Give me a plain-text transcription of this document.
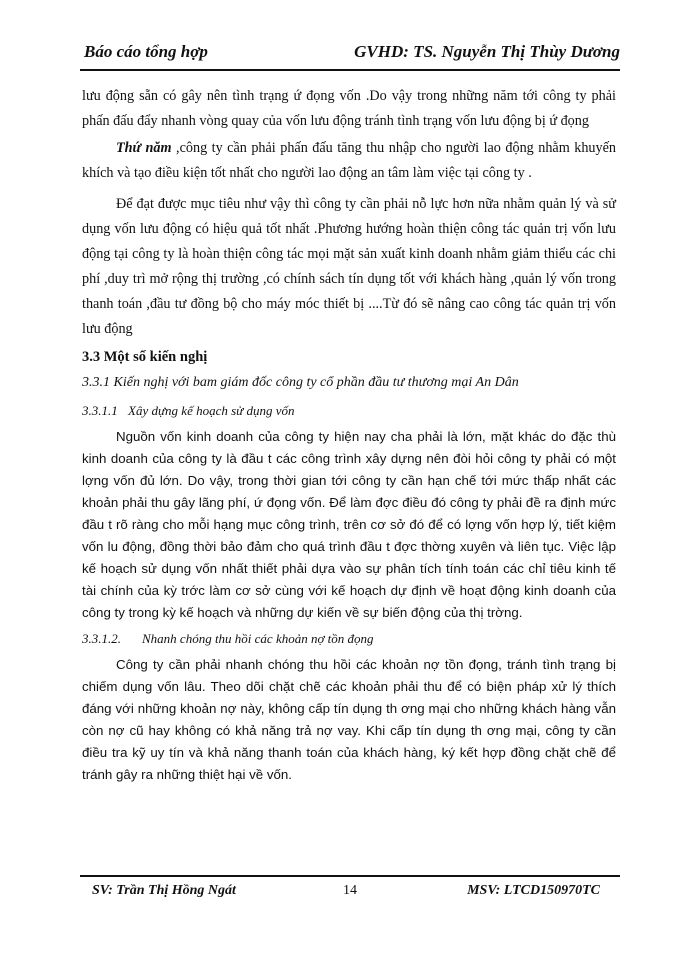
Báo cáo tổng hợp	GVHD: TS. Nguyễn Thị Thùy Dương

lưu động sẵn có gây nên tình trạng ứ đọng vốn .Do vậy trong những năm tới công ty phải phấn đấu đẩy nhanh vòng quay của vốn lưu động tránh tình trạng vốn lưu động bị ứ đọng

Thứ năm ,công ty cần phải phấn đấu tăng thu nhập cho người lao động nhằm khuyến khích và tạo điều kiện tốt nhất cho người lao động an tâm làm việc tại công ty .

Để đạt được mục tiêu như vậy thì công ty cần phải nỗ lực hơn nữa nhằm quản lý và sử dụng vốn lưu động có hiệu quả tốt nhất .Phương hướng hoàn thiện công tác quản trị vốn lưu động tại công ty là hoàn thiện công tác mọi mặt sản xuất kinh doanh nhằm giảm thiểu các chi phí ,duy trì mở rộng thị trường ,có chính sách tín dụng tốt với khách hàng ,quản lý vốn trong thanh toán ,đầu tư đồng bộ cho máy móc thiết bị ....Từ đó sẽ nâng cao công tác quản trị vốn lưu động

3.3 Một số kiến nghị
3.3.1 Kiến nghị với bam giám đốc công ty cổ phần đầu tư thương mại An Dân
3.3.1.1 Xây dựng kế hoạch sử dụng vốn

Nguồn vốn kinh doanh của công ty hiện nay cha phải là lớn, mặt khác do đặc thù kinh doanh của công ty là đầu t các công trình xây dựng nên đòi hỏi công ty phải có một lợng vốn đủ lớn. Do vậy, trong thời gian tới công ty cần hạn chế tới mức thấp nhất các khoản phải thu gây lãng phí, ứ đọng vốn. Để làm đợc điều đó công ty phải đề ra định mức đầu t rõ ràng cho mỗi hạng mục công trình, trên cơ sở đó để có lợng vốn hợp lý, tiết kiệm vốn lu động, đồng thời bảo đảm cho quá trình đầu t đợc thờng xuyên và liên tục. Việc lập kế hoạch sử dụng vốn nhất thiết phải dựa vào sự phân tích tính toán các chỉ tiêu kinh tế tài chính của kỳ trớc làm cơ sở cùng với kế hoạch dự định về hoạt động kinh doanh của công ty trong kỳ kế hoạch và những dự kiến về sự biến động của thị trờng.

3.3.1.2. Nhanh chóng thu hồi các khoản nợ tồn đọng

Công ty cần phải nhanh chóng thu hồi các khoản nợ tồn đọng, tránh tình trạng bị chiếm dụng vốn lâu. Theo dõi chặt chẽ các khoản phải thu để có biện pháp xử lý thích đáng với những khoản nợ này, không cấp tín dụng th ơng mại cho những khách hàng vẫn còn nợ cũ hay không có khả năng trả nợ vay. Khi cấp tín dụng th ơng mại, công ty cần điều tra kỹ uy tín và khả năng thanh toán của khách hàng, ký kết hợp đồng chặt chẽ để tránh gây ra những thiệt hại về vốn.

SV: Trần Thị Hồng Ngát	14	MSV: LTCD150970TC
